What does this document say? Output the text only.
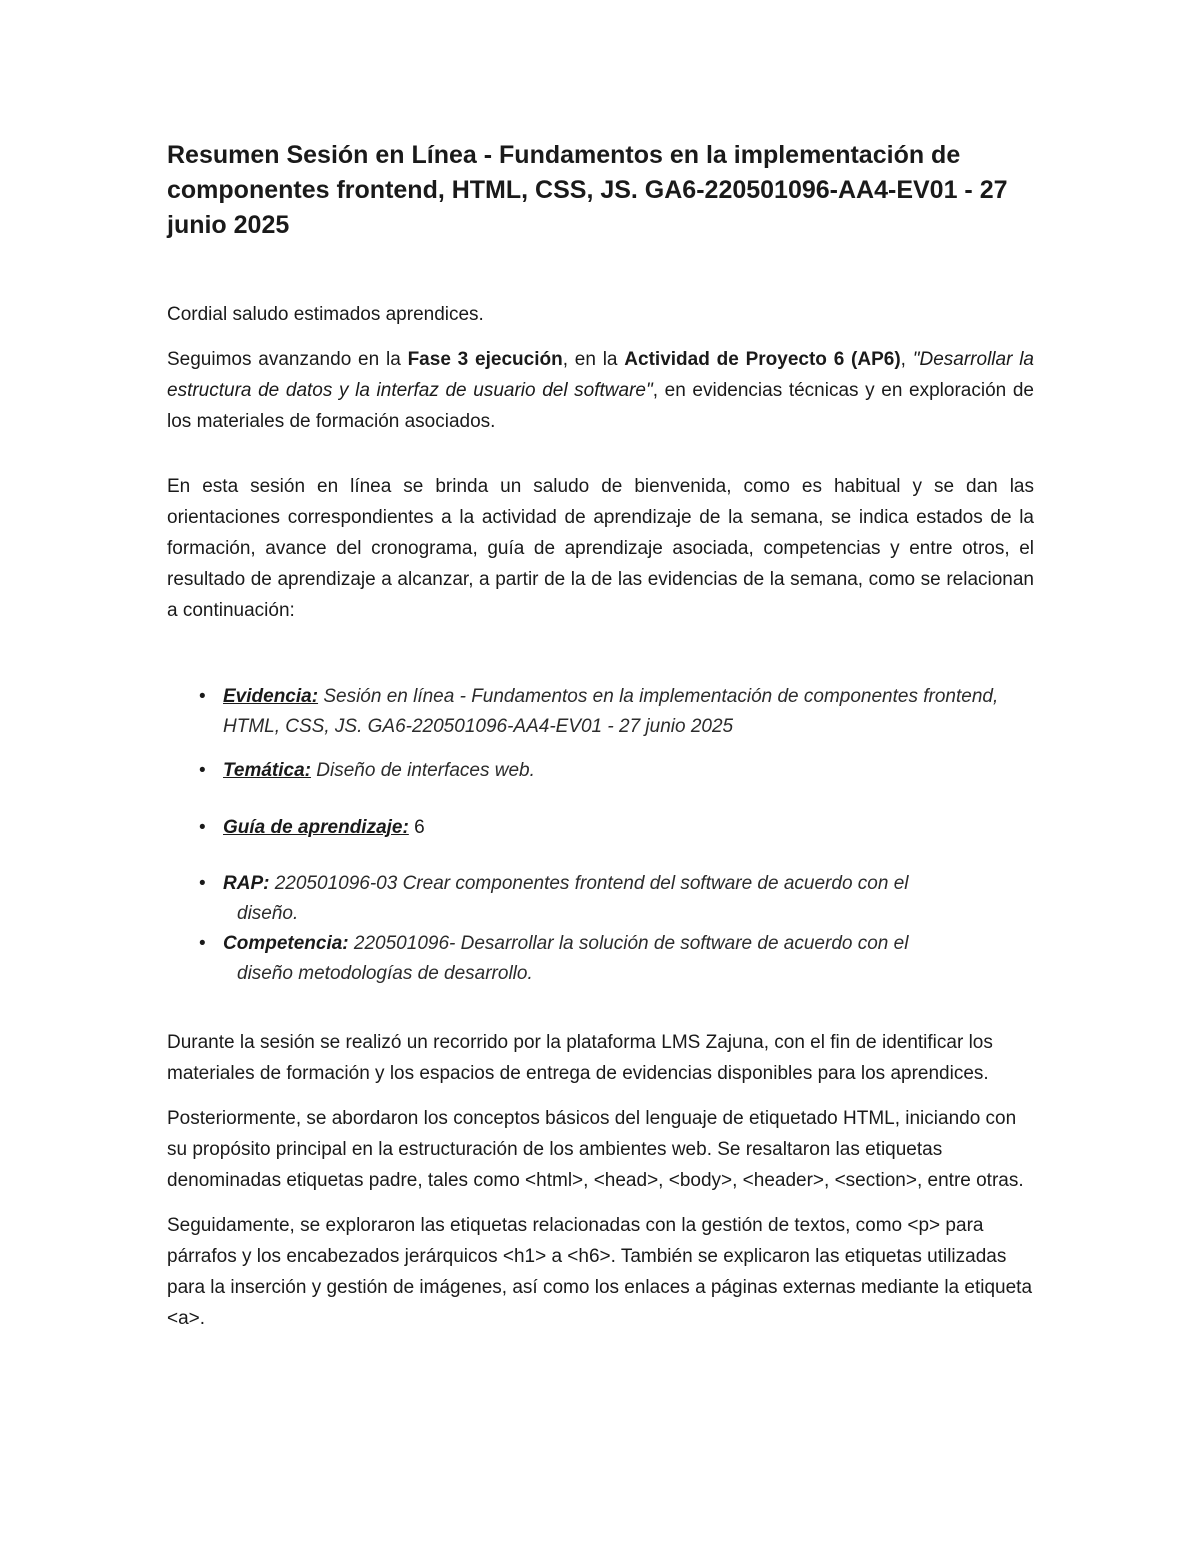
Resumen Sesión en Línea - Fundamentos en la implementación de componentes frontend, HTML, CSS, JS. GA6-220501096-AA4-EV01 - 27 junio 2025

Cordial saludo estimados aprendices.

Seguimos avanzando en la Fase 3 ejecución, en la Actividad de Proyecto 6 (AP6), "Desarrollar la estructura de datos y la interfaz de usuario del software", en evidencias técnicas y en exploración de los materiales de formación asociados.

En esta sesión en línea se brinda un saludo de bienvenida, como es habitual y se dan las orientaciones correspondientes a la actividad de aprendizaje de la semana, se indica estados de la formación, avance del cronograma, guía de aprendizaje asociada, competencias y entre otros, el resultado de aprendizaje a alcanzar, a partir de la de las evidencias de la semana, como se relacionan a continuación:

• Evidencia: Sesión en línea - Fundamentos en la implementación de componentes frontend, HTML, CSS, JS. GA6-220501096-AA4-EV01 - 27 junio 2025
• Temática: Diseño de interfaces web.
• Guía de aprendizaje: 6
• RAP: 220501096-03 Crear componentes frontend del software de acuerdo con el
diseño.
• Competencia: 220501096- Desarrollar la solución de software de acuerdo con el
diseño metodologías de desarrollo.

Durante la sesión se realizó un recorrido por la plataforma LMS Zajuna, con el fin de identificar los materiales de formación y los espacios de entrega de evidencias disponibles para los aprendices.

Posteriormente, se abordaron los conceptos básicos del lenguaje de etiquetado HTML, iniciando con su propósito principal en la estructuración de los ambientes web. Se resaltaron las etiquetas denominadas etiquetas padre, tales como <html>, <head>, <body>, <header>, <section>, entre otras.

Seguidamente, se exploraron las etiquetas relacionadas con la gestión de textos, como <p> para párrafos y los encabezados jerárquicos <h1> a <h6>. También se explicaron las etiquetas utilizadas para la inserción y gestión de imágenes, así como los enlaces a páginas externas mediante la etiqueta <a>.
